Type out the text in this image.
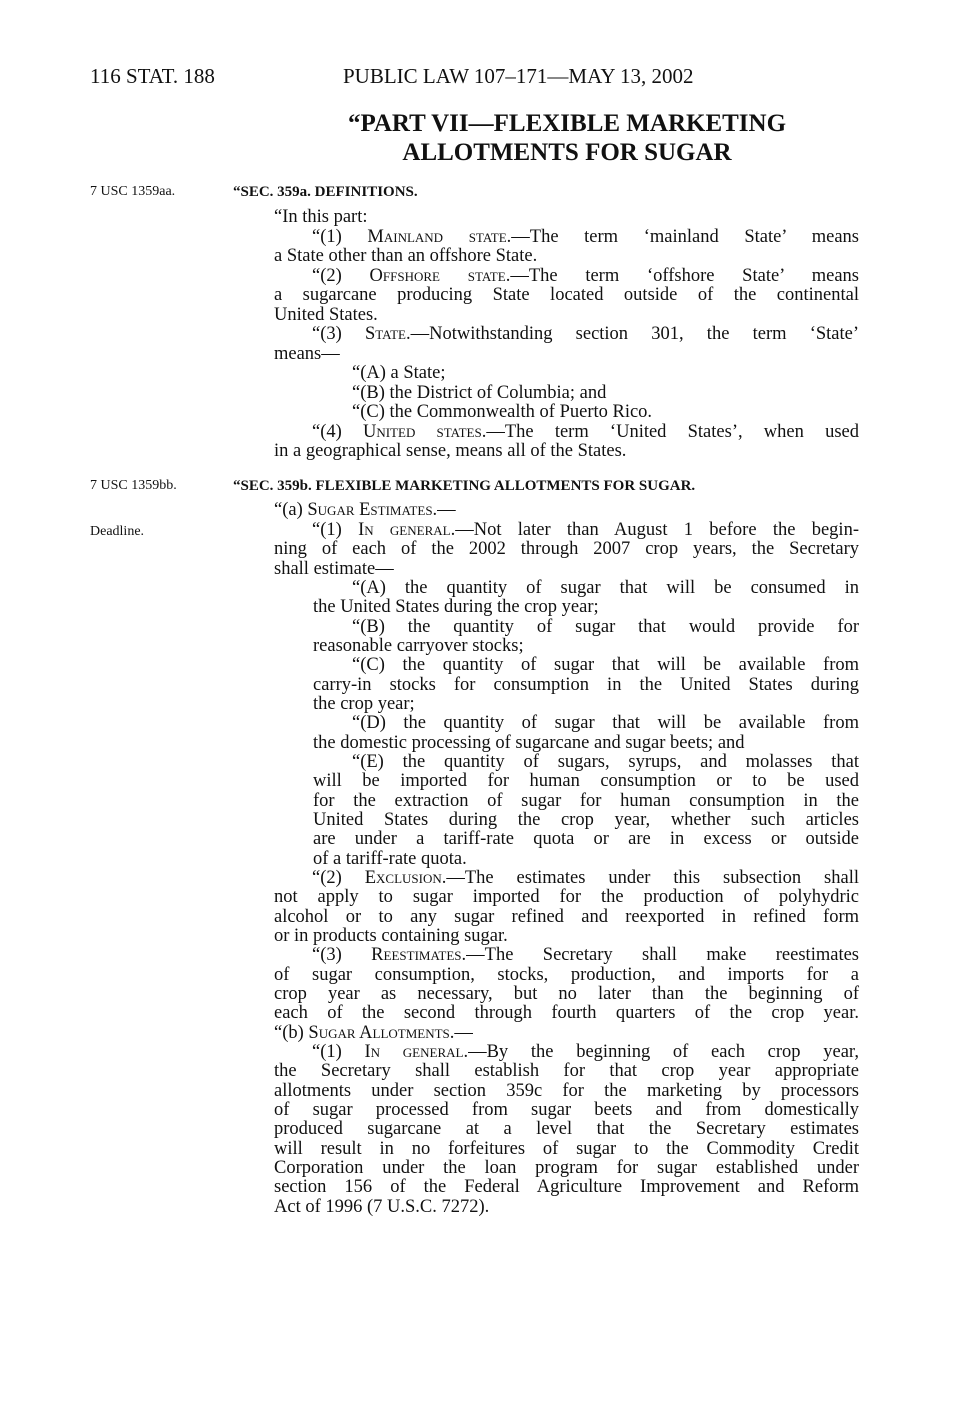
116 STAT. 188	PUBLIC LAW 107–171—MAY 13, 2002
“PART VII—FLEXIBLE MARKETING
ALLOTMENTS FOR SUGAR
7 USC 1359aa.
7 USC 1359bb.
Deadline.
“SEC. 359a. DEFINITIONS.
“In this part:
“(1) Mainland state.—The term ‘mainland State’ means
a State other than an offshore State.
“(2) Offshore state.—The term ‘offshore State’ means
a sugarcane producing State located outside of the continental
United States.
“(3) State.—Notwithstanding section 301, the term ‘State’
means—
“(A) a State;
“(B) the District of Columbia; and
“(C) the Commonwealth of Puerto Rico.
“(4) United states.—The term ‘United States’, when used
in a geographical sense, means all of the States.
“SEC. 359b. FLEXIBLE MARKETING ALLOTMENTS FOR SUGAR.
“(a) Sugar Estimates.—
“(1) In general.—Not later than August 1 before the begin-
ning of each of the 2002 through 2007 crop years, the Secretary
shall estimate—
“(A) the quantity of sugar that will be consumed in
the United States during the crop year;
“(B) the quantity of sugar that would provide for
reasonable carryover stocks;
“(C) the quantity of sugar that will be available from
carry-in stocks for consumption in the United States during
the crop year;
“(D) the quantity of sugar that will be available from
the domestic processing of sugarcane and sugar beets; and
“(E) the quantity of sugars, syrups, and molasses that
will be imported for human consumption or to be used
for the extraction of sugar for human consumption in the
United States during the crop year, whether such articles
are under a tariff-rate quota or are in excess or outside
of a tariff-rate quota.
“(2) Exclusion.—The estimates under this subsection shall
not apply to sugar imported for the production of polyhydric
alcohol or to any sugar refined and reexported in refined form
or in products containing sugar.
“(3) Reestimates.—The Secretary shall make reestimates
of sugar consumption, stocks, production, and imports for a
crop year as necessary, but no later than the beginning of
each of the second through fourth quarters of the crop year.
“(b) Sugar Allotments.—
“(1) In general.—By the beginning of each crop year,
the Secretary shall establish for that crop year appropriate
allotments under section 359c for the marketing by processors
of sugar processed from sugar beets and from domestically
produced sugarcane at a level that the Secretary estimates
will result in no forfeitures of sugar to the Commodity Credit
Corporation under the loan program for sugar established under
section 156 of the Federal Agriculture Improvement and Reform
Act of 1996 (7 U.S.C. 7272).
